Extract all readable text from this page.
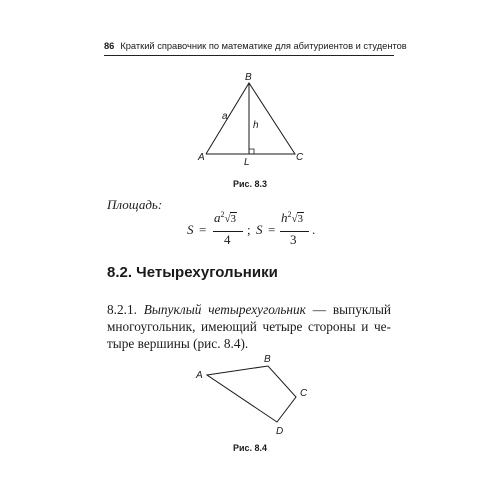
86 Краткий справочник по математике для абитуриентов и студентов
B
A	C
L
a
h
Рис. 8.3
Площадь:
S =
$a^2√3$
4
; S =
$h^2√3$
3
.
8.2. Четырехугольники
8.2.1. Выпуклый четырехугольник — выпуклый
многоугольник, имеющий четыре стороны и че-
тыре вершины (рис. 8.4).
A
B
C
D
Рис. 8.4
